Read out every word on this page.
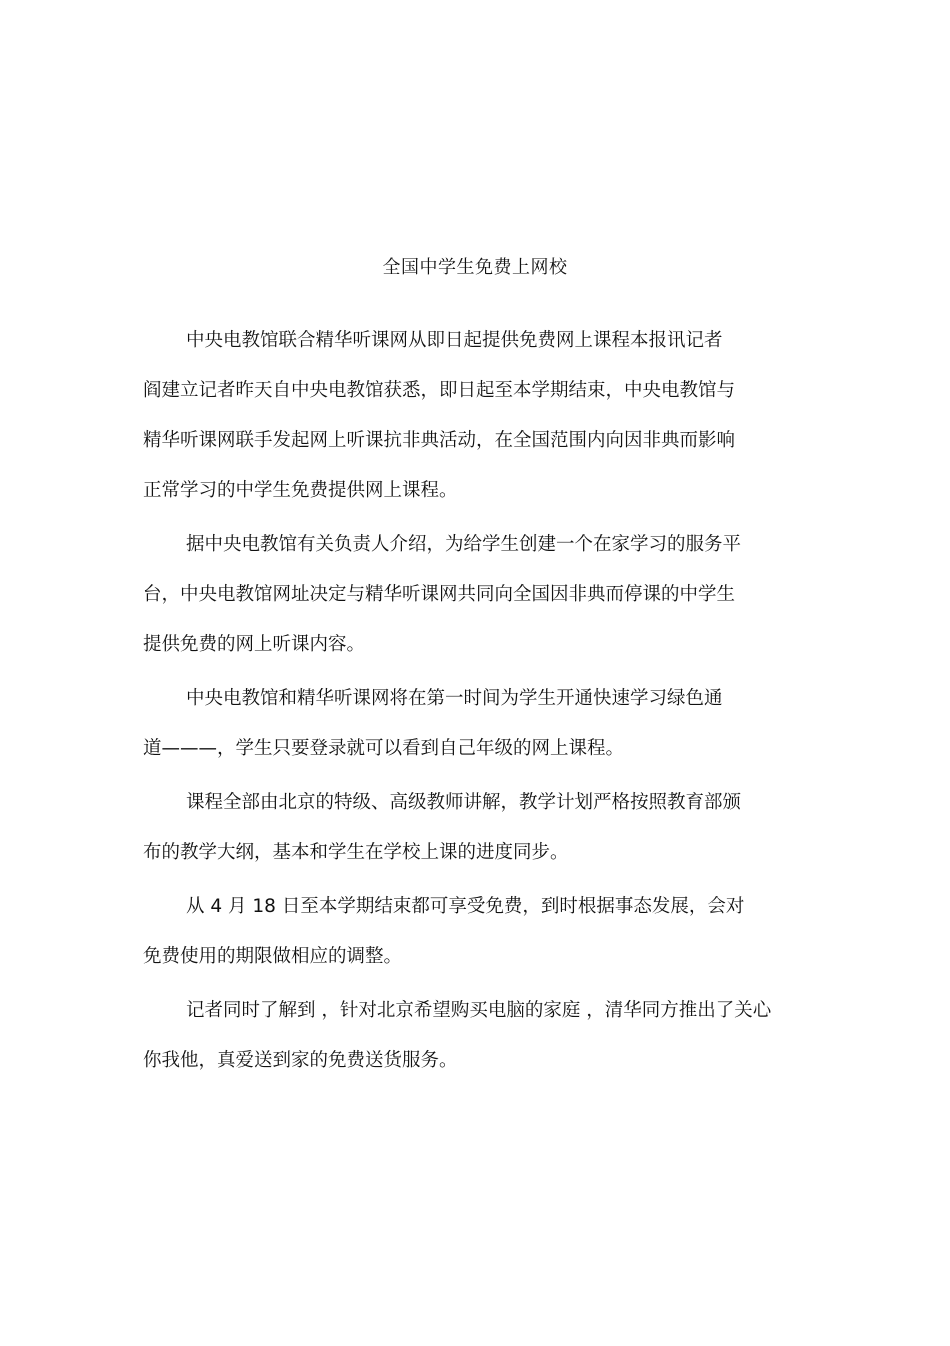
全国中学生免费上网校
中央电教馆联合精华听课网从即日起提供免费网上课程本报讯记者
阎建立记者昨天自中央电教馆获悉，即日起至本学期结束，中央电教馆与
精华听课网联手发起网上听课抗非典活动，在全国范围内向因非典而影响
正常学习的中学生免费提供网上课程。
据中央电教馆有关负责人介绍，为给学生创建一个在家学习的服务平
台，中央电教馆网址决定与精华听课网共同向全国因非典而停课的中学生
提供免费的网上听课内容。
中央电教馆和精华听课网将在第一时间为学生开通快速学习绿色通
道———，学生只要登录就可以看到自己年级的网上课程。
课程全部由北京的特级、高级教师讲解，教学计划严格按照教育部颁
布的教学大纲，基本和学生在学校上课的进度同步。
从 4 月 18 日至本学期结束都可享受免费，到时根据事态发展，会对
免费使用的期限做相应的调整。
记者同时了解到 ，针对北京希望购买电脑的家庭 ，清华同方推出了关心
你我他，真爱送到家的免费送货服务。
